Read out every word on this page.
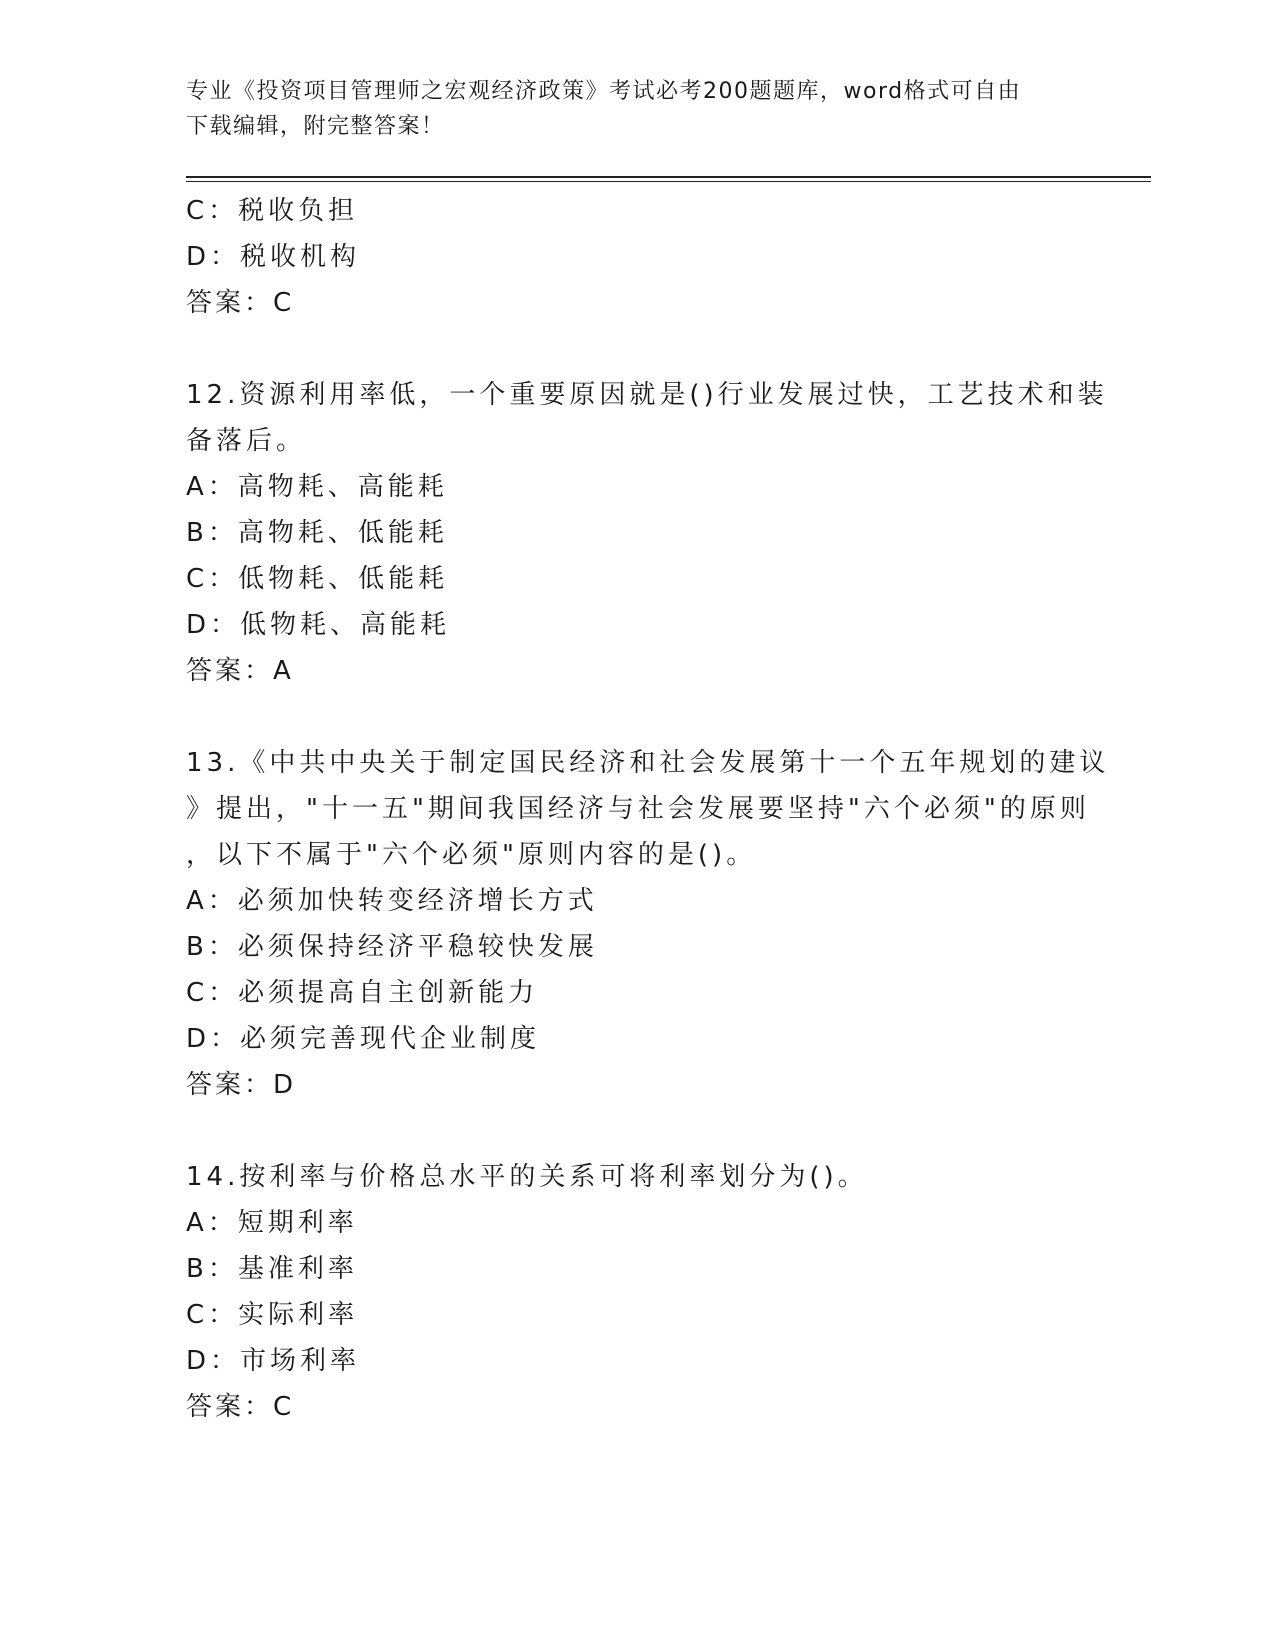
专业《投资项目管理师之宏观经济政策》考试必考200题题库，word格式可自由
下载编辑，附完整答案！
C：税收负担
D：税收机构
答案：C
12.资源利用率低，一个重要原因就是()行业发展过快，工艺技术和装
备落后。
A：高物耗、高能耗
B：高物耗、低能耗
C：低物耗、低能耗
D：低物耗、高能耗
答案：A
13.《中共中央关于制定国民经济和社会发展第十一个五年规划的建议
》提出，"十一五"期间我国经济与社会发展要坚持"六个必须"的原则
，以下不属于"六个必须"原则内容的是()。
A：必须加快转变经济增长方式
B：必须保持经济平稳较快发展
C：必须提高自主创新能力
D：必须完善现代企业制度
答案：D
14.按利率与价格总水平的关系可将利率划分为()。
A：短期利率
B：基准利率
C：实际利率
D：市场利率
答案：C
